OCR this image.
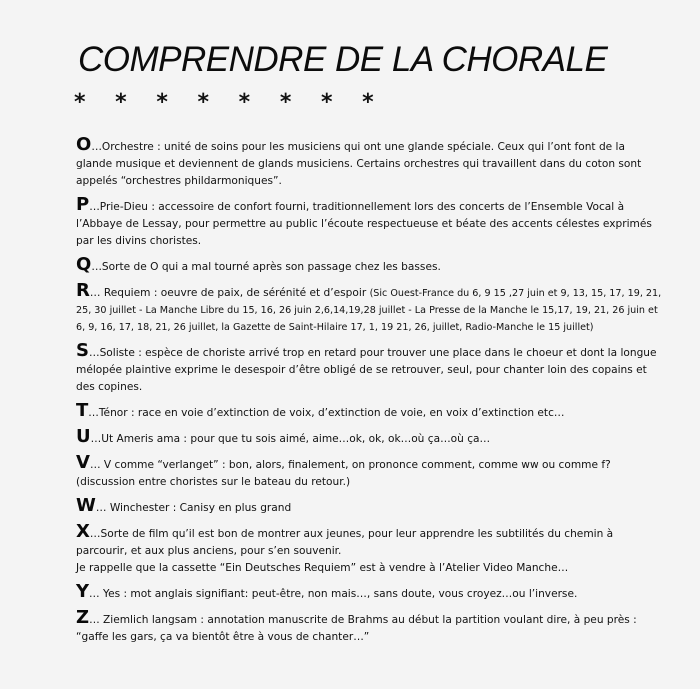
COMPRENDRE DE LA CHORALE
* * * * * * * *

O…Orchestre : unité de soins pour les musiciens qui ont une glande spéciale. Ceux qui l’ont font de la glande musique et deviennent de glands musiciens. Certains orchestres qui travaillent dans du coton sont appelés “orchestres phildarmoniques”.

P…Prie-Dieu : accessoire de confort fourni, traditionnellement lors des concerts de l’Ensemble Vocal à l’Abbaye de Lessay, pour permettre au public l’écoute respectueuse et béate des accents célestes exprimés par les divins choristes.

Q…Sorte de O qui a mal tourné après son passage chez les basses.

R… Requiem : oeuvre de paix, de sérénité et d’espoir (Sic Ouest-France du 6, 9 15 ,27 juin et 9, 13, 15, 17, 19, 21, 25, 30 juillet - La Manche Libre du 15, 16, 26 juin 2,6,14,19,28 juillet - La Presse de la Manche le 15,17, 19, 21, 26 juin et 6, 9, 16, 17, 18, 21, 26 juillet, la Gazette de Saint-Hilaire 17, 1, 19 21, 26, juillet, Radio-Manche le 15 juillet)

S…Soliste : espèce de choriste arrivé trop en retard pour trouver une place dans le choeur et dont la longue mélopée plaintive exprime le desespoir d’être obligé de se retrouver, seul, pour chanter loin des copains et des copines.

T…Ténor : race en voie d’extinction de voix, d’extinction de voie, en voix d’extinction etc…

U…Ut Ameris ama : pour que tu sois aimé, aime…ok, ok, ok…où ça…où ça…

V… V comme “verlanget” : bon, alors, finalement, on prononce comment, comme ww ou comme f? (discussion entre choristes sur le bateau du retour.)

W… Winchester : Canisy en plus grand

X…Sorte de film qu’il est bon de montrer aux jeunes, pour leur apprendre les subtilités du chemin à parcourir, et aux plus anciens, pour s’en souvenir.
Je rappelle que la cassette “Ein Deutsches Requiem” est à vendre à l’Atelier Video Manche…

Y… Yes : mot anglais signifiant: peut-être, non mais…, sans doute, vous croyez…ou l’inverse.

Z… Ziemlich langsam : annotation manuscrite de Brahms au début la partition voulant dire, à peu près : “gaffe les gars, ça va bientôt être à vous de chanter…”
